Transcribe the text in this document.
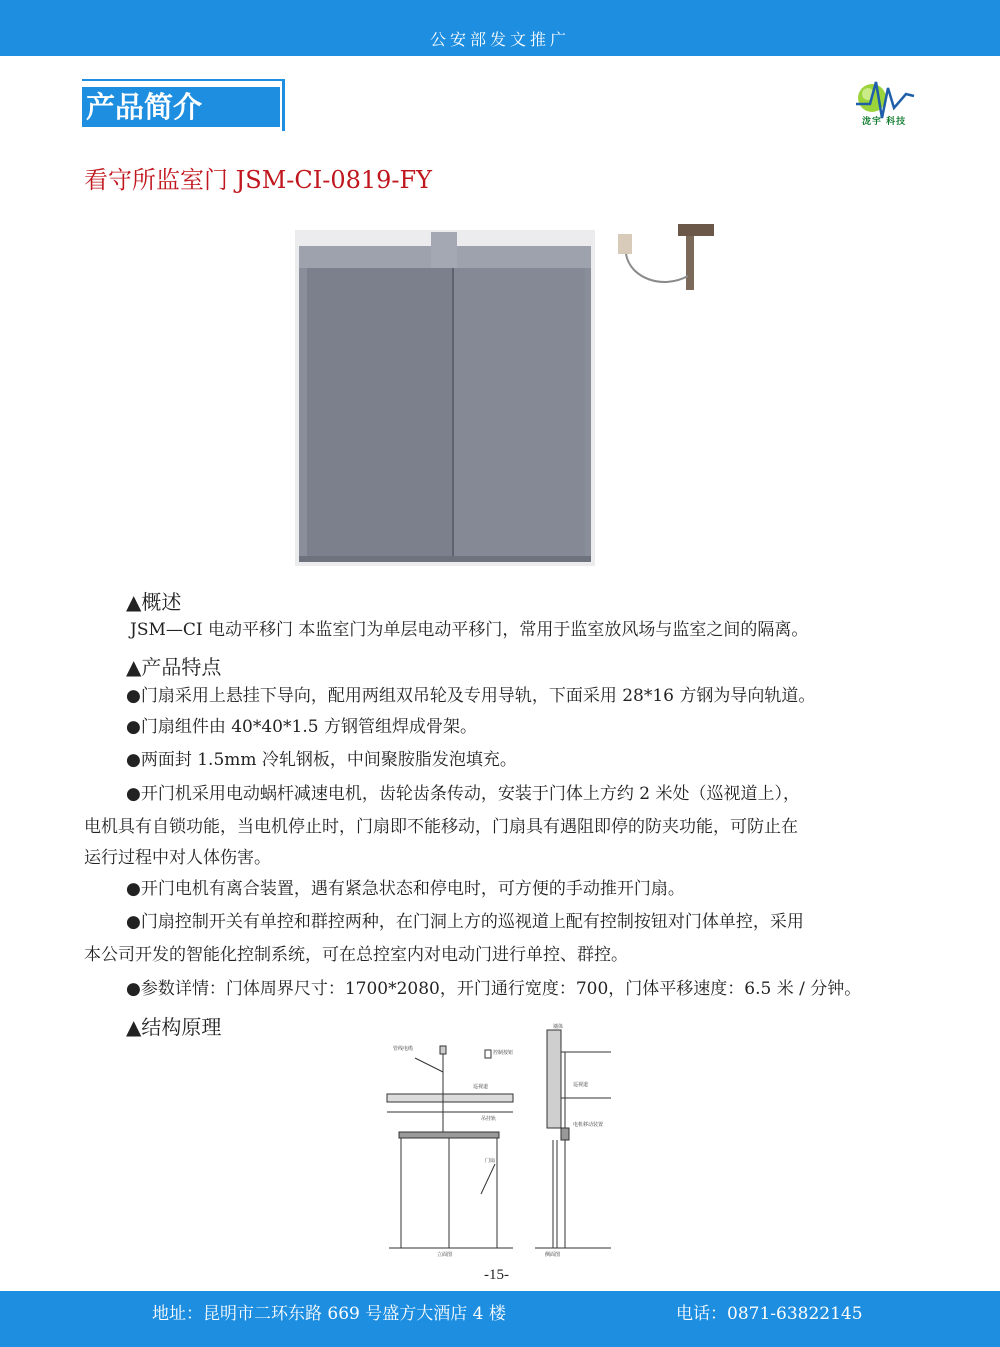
公安部发文推广
产品简介	泷宇 科技
看守所监室门 JSM-CI-0819-FY
▲概述
JSM—CI 电动平移门 本监室门为单层电动平移门，常用于监室放风场与监室之间的隔离。
▲产品特点
●门扇采用上悬挂下导向，配用两组双吊轮及专用导轨，下面采用 28*16 方钢为导向轨道。
●门扇组件由 40*40*1.5 方钢管组焊成骨架。
●两面封 1.5mm 冷轧钢板，中间聚胺脂发泡填充。
●开门机采用电动蜗杆减速电机，齿轮齿条传动，安装于门体上方约 2 米处（巡视道上），
电机具有自锁功能，当电机停止时，门扇即不能移动，门扇具有遇阻即停的防夹功能，可防止在
运行过程中对人体伤害。
●开门电机有离合装置，遇有紧急状态和停电时，可方便的手动推开门扇。
●门扇控制开关有单控和群控两种，在门洞上方的巡视道上配有控制按钮对门体单控，采用
本公司开发的智能化控制系统，可在总控室内对电动门进行单控、群控。
●参数详情：门体周界尺寸：1700*2080，开门通行宽度：700，门体平移速度：6.5 米 / 分钟。
▲结构原理
管线电缆
控制按钮
巡视道
吊挂轨
门扇
立面图
墙体
巡视道
电机移动装置
侧面图
-15-
地址：昆明市二环东路 669 号盛方大酒店 4 楼	电话：0871-63822145
